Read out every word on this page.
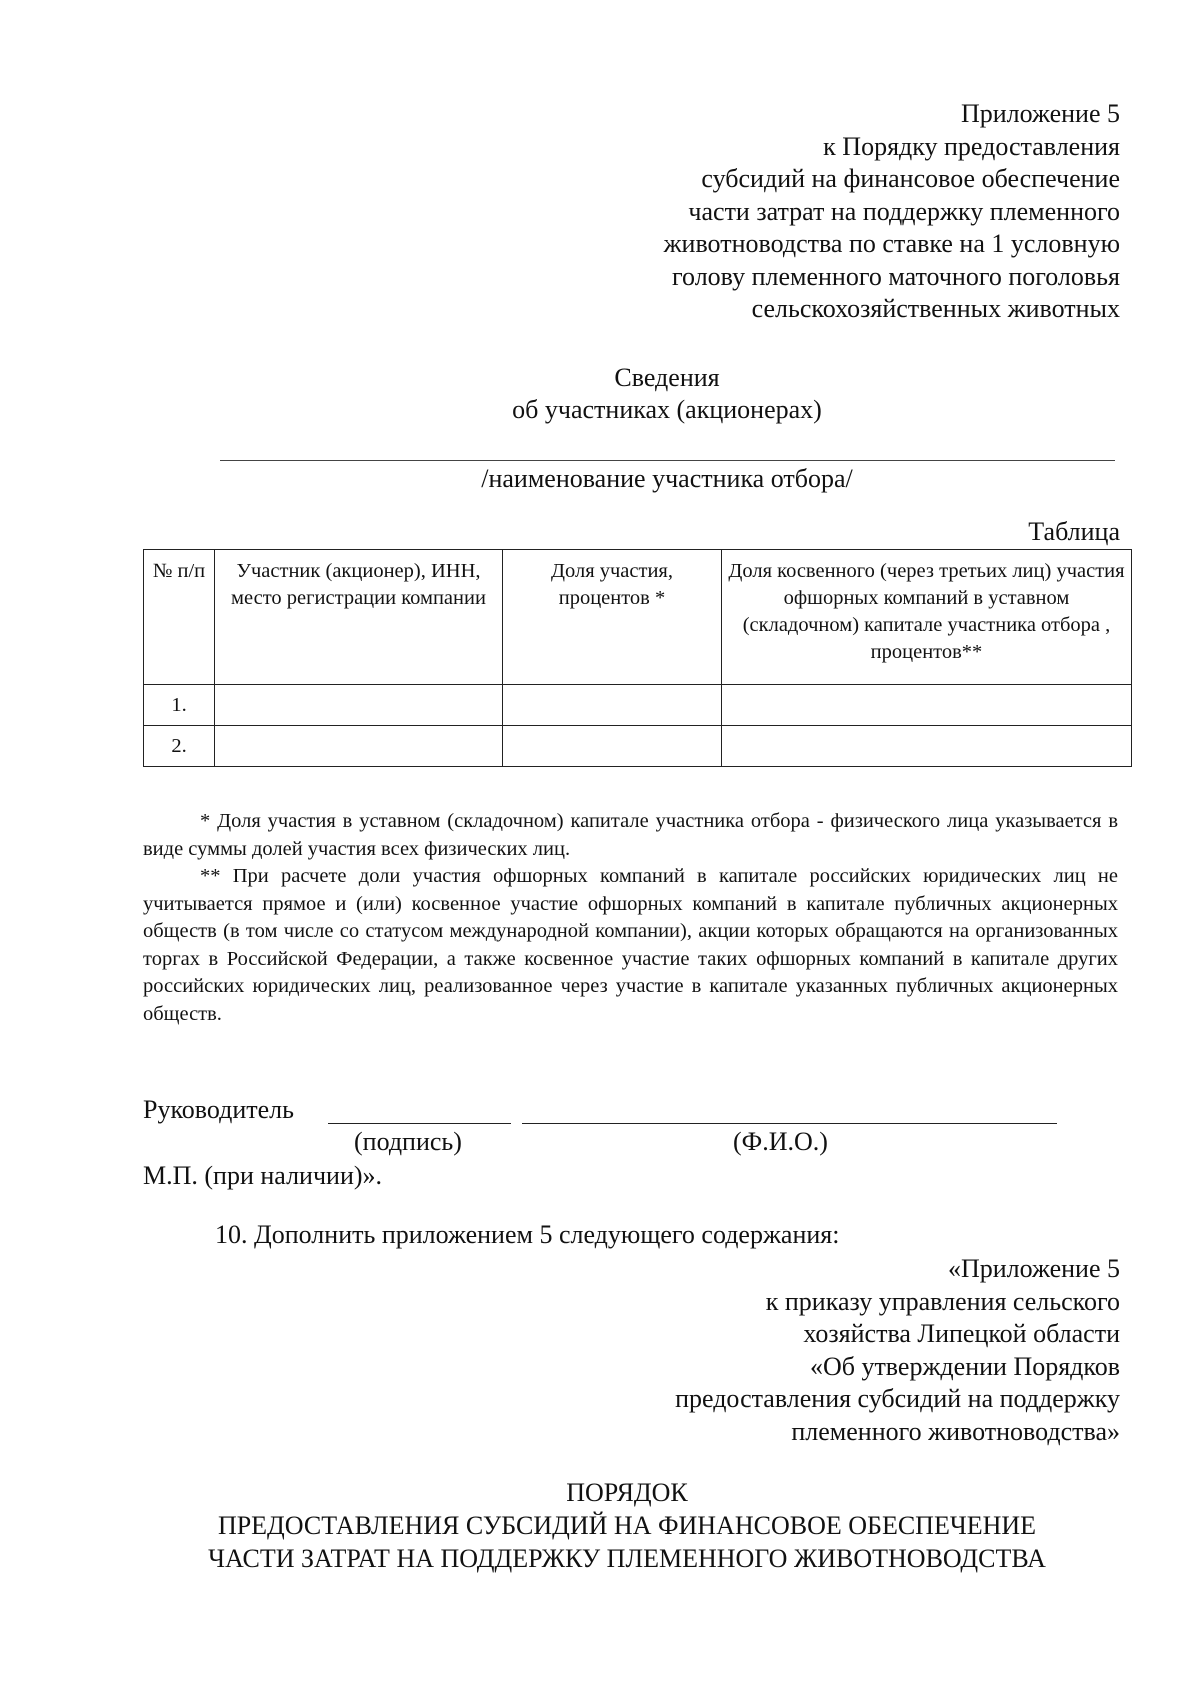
Приложение 5
к Порядку предоставления
субсидий на финансовое обеспечение
части затрат на поддержку племенного
животноводства по ставке на 1 условную
голову племенного маточного поголовья
сельскохозяйственных животных
Сведения
об участниках (акционерах)
/наименование участника отбора/
Таблица
№ п/п	Участник (акционер), ИНН, место регистрации компании	Доля участия, процентов *	Доля косвенного (через третьих лиц) участия офшорных компаний в уставном (складочном) капитале участника отбора , процентов**
1.			
2.			

* Доля участия в уставном (складочном) капитале участника отбора - физического лица указывается в виде суммы долей участия всех физических лиц.

** При расчете доли участия офшорных компаний в капитале российских юридических лиц не учитывается прямое и (или) косвенное участие офшорных компаний в капитале публичных акционерных обществ (в том числе со статусом международной компании), акции которых обращаются на организованных торгах в Российской Федерации, а также косвенное участие таких офшорных компаний в капитале других российских юридических лиц, реализованное через участие в капитале указанных публичных акционерных обществ.

Руководитель
(подпись)	(Ф.И.О.)
М.П. (при наличии)».
10. Дополнить приложением 5 следующего содержания:
«Приложение 5
к приказу управления сельского
хозяйства Липецкой области
«Об утверждении Порядков
предоставления субсидий на поддержку
племенного животноводства»
ПОРЯДОК
ПРЕДОСТАВЛЕНИЯ СУБСИДИЙ НА ФИНАНСОВОЕ ОБЕСПЕЧЕНИЕ
ЧАСТИ ЗАТРАТ НА ПОДДЕРЖКУ ПЛЕМЕННОГО ЖИВОТНОВОДСТВА
